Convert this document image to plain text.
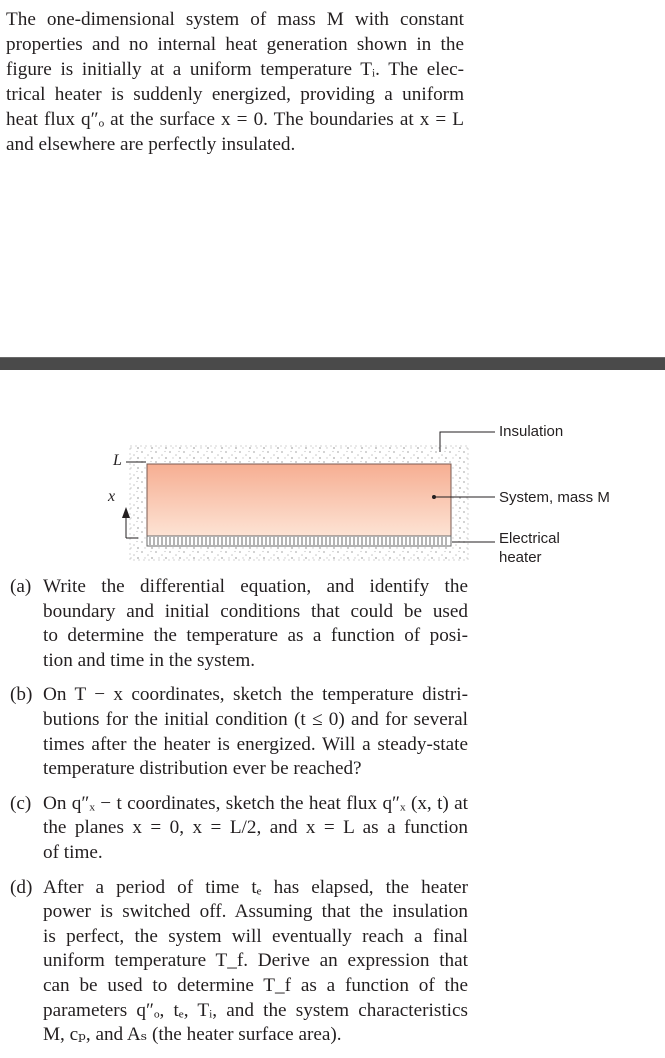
The one-dimensional system of mass M with constant
properties and no internal heat generation shown in the
figure is initially at a uniform temperature Tᵢ. The elec-
trical heater is suddenly energized, providing a uniform
heat flux q″ₒ at the surface x = 0. The boundaries at x = L
and elsewhere are perfectly insulated.
L
x
Insulation
System, mass M
Electrical
heater
(a) Write the differential equation, and identify the
boundary and initial conditions that could be used
to determine the temperature as a function of posi-
tion and time in the system.
(b) On T − x coordinates, sketch the temperature distri-
butions for the initial condition (t ≤ 0) and for several
times after the heater is energized. Will a steady-state
temperature distribution ever be reached?
(c) On q″ₓ − t coordinates, sketch the heat flux q″ₓ (x, t) at
the planes x = 0, x = L/2, and x = L as a function
of time.
(d) After a period of time tₑ has elapsed, the heater
power is switched off. Assuming that the insulation
is perfect, the system will eventually reach a final
uniform temperature T_f. Derive an expression that
can be used to determine T_f as a function of the
parameters q″ₒ, tₑ, Tᵢ, and the system characteristics
M, cₚ, and Aₛ (the heater surface area).
